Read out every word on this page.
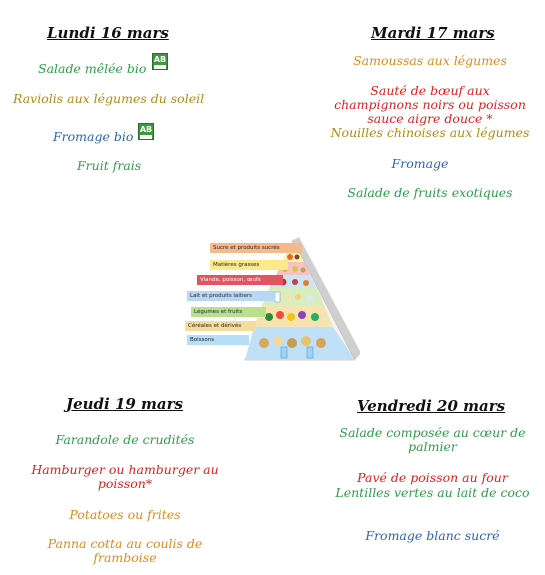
Lundi 16 mars
Salade mêlée bio
AB
Raviolis aux légumes du soleil
Fromage bio AB
Fruit frais
Mardi 17 mars
Samoussas aux légumes
Sauté de bœuf aux
champignons noirs ou poisson
sauce aigre douce *
Nouilles chinoises aux légumes
Fromage
Salade de fruits exotiques
Sucre et produits sucrés
Matières grasses
Viande, poisson, œufs
Lait et produits laitiers
Légumes et fruits
Céréales et dérivés
Boissons
Jeudi 19 mars
Farandole de crudités
Hamburger ou hamburger au
poisson*
Potatoes ou frites
Panna cotta au coulis de
framboise
Vendredi 20 mars
Salade composée au cœur de
palmier
Pavé de poisson au four
Lentilles vertes au lait de coco
Fromage blanc sucré
